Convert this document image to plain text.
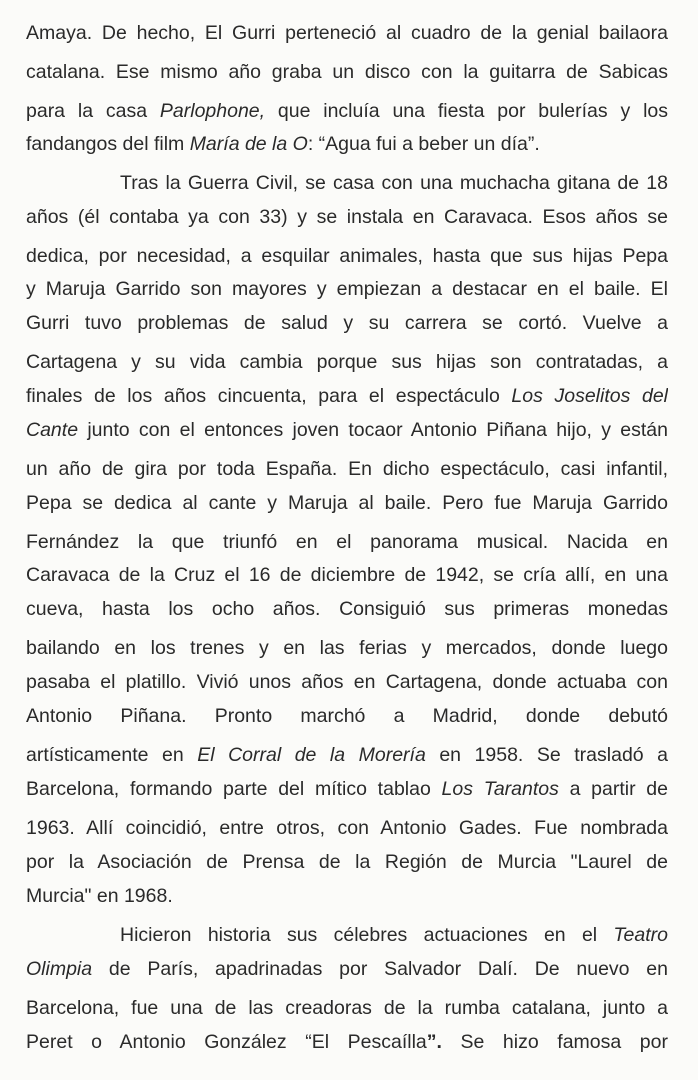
Amaya. De hecho, El Gurri perteneció al cuadro de la genial bailaora
catalana. Ese mismo año graba un disco con la guitarra de Sabicas
para la casa Parlophone, que incluía una fiesta por bulerías y los
fandangos del film María de la O: “Agua fui a beber un día”.
Tras la Guerra Civil, se casa con una muchacha gitana de 18
años (él contaba ya con 33) y se instala en Caravaca. Esos años se
dedica, por necesidad, a esquilar animales, hasta que sus hijas Pepa
y Maruja Garrido son mayores y empiezan a destacar en el baile. El
Gurri tuvo problemas de salud y su carrera se cortó. Vuelve a
Cartagena y su vida cambia porque sus hijas son contratadas, a
finales de los años cincuenta, para el espectáculo Los Joselitos del
Cante junto con el entonces joven tocaor Antonio Piñana hijo, y están
un año de gira por toda España. En dicho espectáculo, casi infantil,
Pepa se dedica al cante y Maruja al baile. Pero fue Maruja Garrido
Fernández la que triunfó en el panorama musical. Nacida en
Caravaca de la Cruz el 16 de diciembre de 1942, se cría allí, en una
cueva, hasta los ocho años. Consiguió sus primeras monedas
bailando en los trenes y en las ferias y mercados, donde luego
pasaba el platillo. Vivió unos años en Cartagena, donde actuaba con
Antonio Piñana. Pronto marchó a Madrid, donde debutó
artísticamente en El Corral de la Morería en 1958. Se trasladó a
Barcelona, formando parte del mítico tablao Los Tarantos a partir de
1963. Allí coincidió, entre otros, con Antonio Gades. Fue nombrada
por la Asociación de Prensa de la Región de Murcia "Laurel de
Murcia" en 1968.
Hicieron historia sus célebres actuaciones en el Teatro
Olimpia de París, apadrinadas por Salvador Dalí. De nuevo en
Barcelona, fue una de las creadoras de la rumba catalana, junto a
Peret o Antonio González “El Pescaílla”. Se hizo famosa por
